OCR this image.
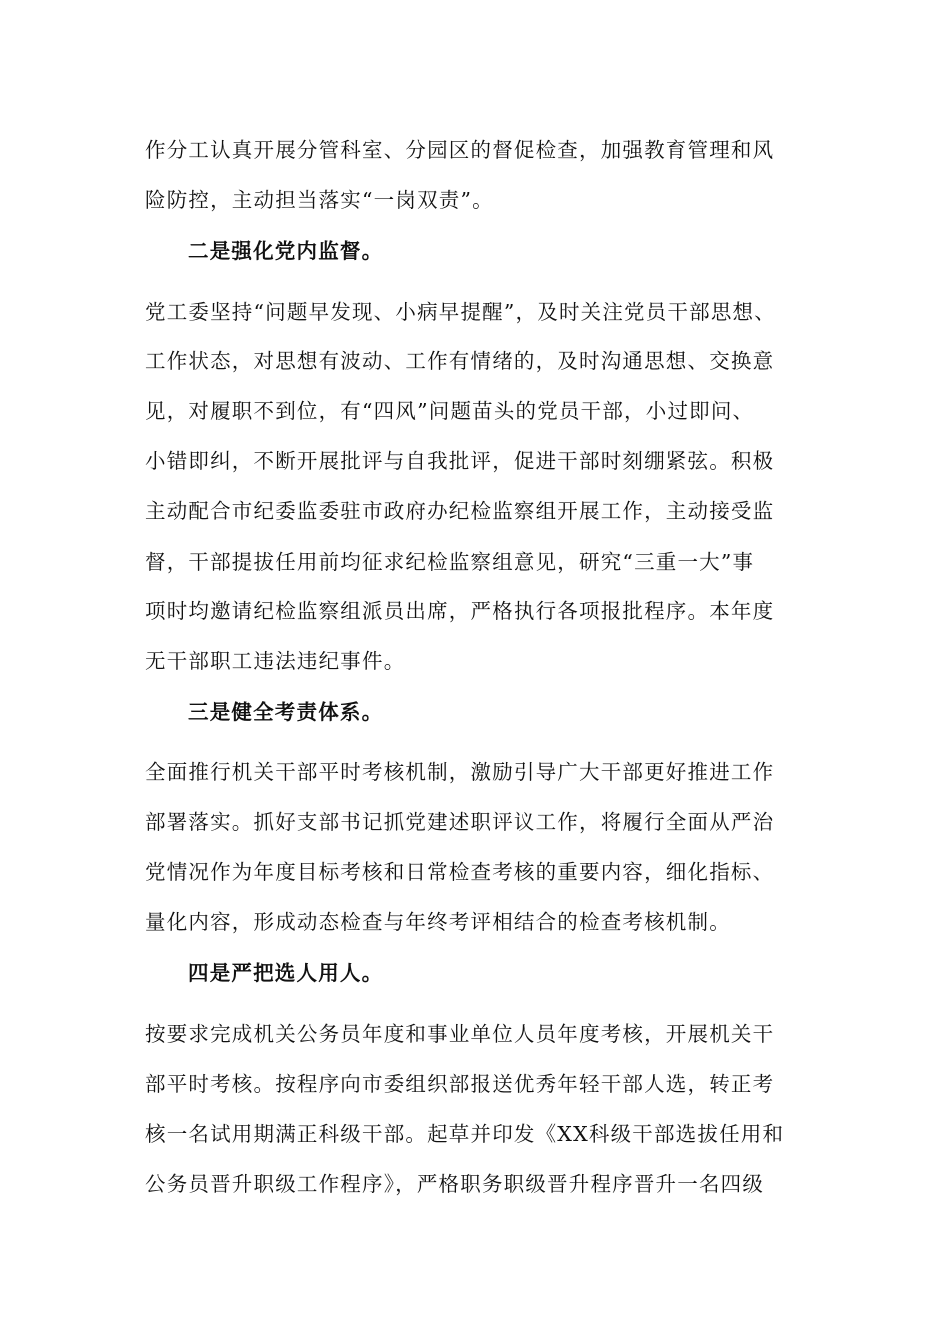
作分工认真开展分管科室、分园区的督促检查，加强教育管理和风
险防控，主动担当落实“一岗双责”。
二是强化党内监督。
党工委坚持“问题早发现、小病早提醒”，及时关注党员干部思想、
工作状态，对思想有波动、工作有情绪的，及时沟通思想、交换意
见，对履职不到位，有“四风”问题苗头的党员干部，小过即问、
小错即纠，不断开展批评与自我批评，促进干部时刻绷紧弦。积极
主动配合市纪委监委驻市政府办纪检监察组开展工作，主动接受监
督，干部提拔任用前均征求纪检监察组意见，研究“三重一大”事
项时均邀请纪检监察组派员出席，严格执行各项报批程序。本年度
无干部职工违法违纪事件。
三是健全考责体系。
全面推行机关干部平时考核机制，激励引导广大干部更好推进工作
部署落实。抓好支部书记抓党建述职评议工作，将履行全面从严治
党情况作为年度目标考核和日常检查考核的重要内容，细化指标、
量化内容，形成动态检查与年终考评相结合的检查考核机制。
四是严把选人用人。
按要求完成机关公务员年度和事业单位人员年度考核，开展机关干
部平时考核。按程序向市委组织部报送优秀年轻干部人选，转正考
核一名试用期满正科级干部。起草并印发《XX科级干部选拔任用和
公务员晋升职级工作程序》，严格职务职级晋升程序晋升一名四级
